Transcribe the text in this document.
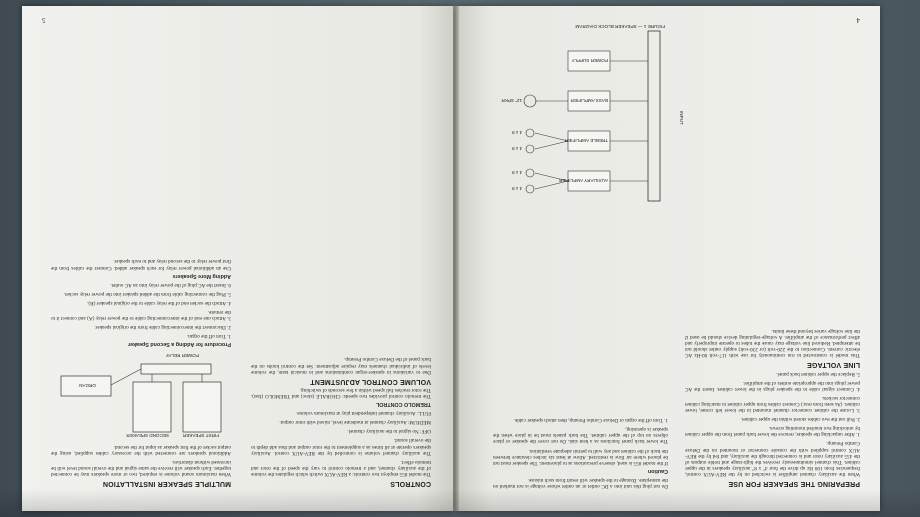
PREPARING THE SPEAKER FOR USE

When the auxiliary channel amplifier is switched on by the REV-AUX control, frequencies from 100 Hz up drive the four 4" x 8" auxiliary speakers in the upper cabinet. This channel simultaneously receives the high-range and treble outputs of the 455 auxiliary rotor and is connected through the auxiliary, and fed by the REV-AUX control supplied with the console connector or mounted on the Deluxe Combo Preamp.

1. After unpacking the speaker, remove the lower back panel from the upper cabinet by unlocking two knurled mounting screws.

2. Pull out the two cables stored within the upper cabinet.

3. Locate the cabinet connector channel mounted in the lower left corner, lower cabinet. (As seen from rear.) Connect cables from upper cabinet to matching cabinet connector sockets.

4. Connect signal cable to the speaker plugs in the lower cabinet. Insert the AC power plugs into the appropriate outlets of the amplifier.

5. Replace the upper cabinet back panel.

LINE VOLTAGE

This model is constructed to run continuously for use with 117-volt 60-Hz AC electric current. Connection to the 220-volt (or 230-volt) supply outlet should not be attempted. Reduced line voltage may cause the tubes to operate improperly and affect performance of the amplifier. A voltage-regulating device should be used if the line voltage varies beyond these limits.

Do not plug this unit into a DC outlet or an outlet whose voltage is not marked on the nameplate. Damage to the speaker will result from such misuse.

Caution

If the model 855 is used, observe precautions as to placement. The speaker must not be placed where air flow is restricted. Allow at least six inches clearance between the back of the cabinet and any wall to permit adequate ventilation.

The lower back panel functions as a heat sink. Do not cover the speaker or place objects on top of the upper cabinet. The back panels must be in place when the speaker is operating.

1. Turn off the organ or Deluxe Combo Preamp, then attach speaker cable.

AUXILIARY AMPLIFIER
TREBLE AMPLIFIER
BASS AMPLIFIER
POWER SUPPLY
4 x 8
4 x 8
4 x 8
4 x 8
12" SPKR
INPUT
FIGURE 1 — SPEAKER BLOCK DIAGRAM
4
CONTROLS

The model 855 employs two controls: a REV-AUX switch which regulates the volume of the auxiliary channel, and a tremolo control to vary the speed of the rotor and tremolo effect.

The auxiliary channel volume is controlled by the REV-AUX control. Auxiliary speakers operate at all times as a supplement to the rotor output and thus add depth to the overall sound.

OFF: No signal to the auxiliary channel.

MEDIUM: Auxiliary channel at moderate level, mixed with rotor output.

FULL: Auxiliary channel independent play at maximum volume.

TREMOLO CONTROL

The tremolo control provides two speeds: CHORALE (slow) and TREMOLO (fast). The rotor reaches full speed within a few seconds of switching.

VOLUME CONTROL ADJUSTMENT

Due to variations in speaker-organ combinations and in musical taste, the volume levels of individual channels may require adjustment. Set the control knobs on the back panel of the Deluxe Combo Preamp.

MULTIPLE SPEAKER INSTALLATION

When maximum sound volume is required, two or more speakers may be connected together. Each speaker will receive the same signal and the overall sound level will be increased without distortion.

Additional speakers are connected with the accessory cables supplied, using the output socket of the first speaker as input for the second.

FIRST SPEAKER
SECOND SPEAKER
POWER RELAY
ORGAN
Procedure for Adding a Second Speaker

1. Turn off the organ.

2. Disconnect the interconnecting cable from the original speaker.

3. Attach one end of the interconnecting cable to the power relay (A) and connect it to the remote.

4. Attach the socket end of the relay cable to the original speaker (B).

5. Plug the connecting cable from the added speaker into the power relay socket.

6. Insert the AC plug of the power relay into an AC outlet.

Adding More Speakers

Use an additional power relay for each speaker added. Connect the cables from the first power relay to the second relay and to each speaker.

5
